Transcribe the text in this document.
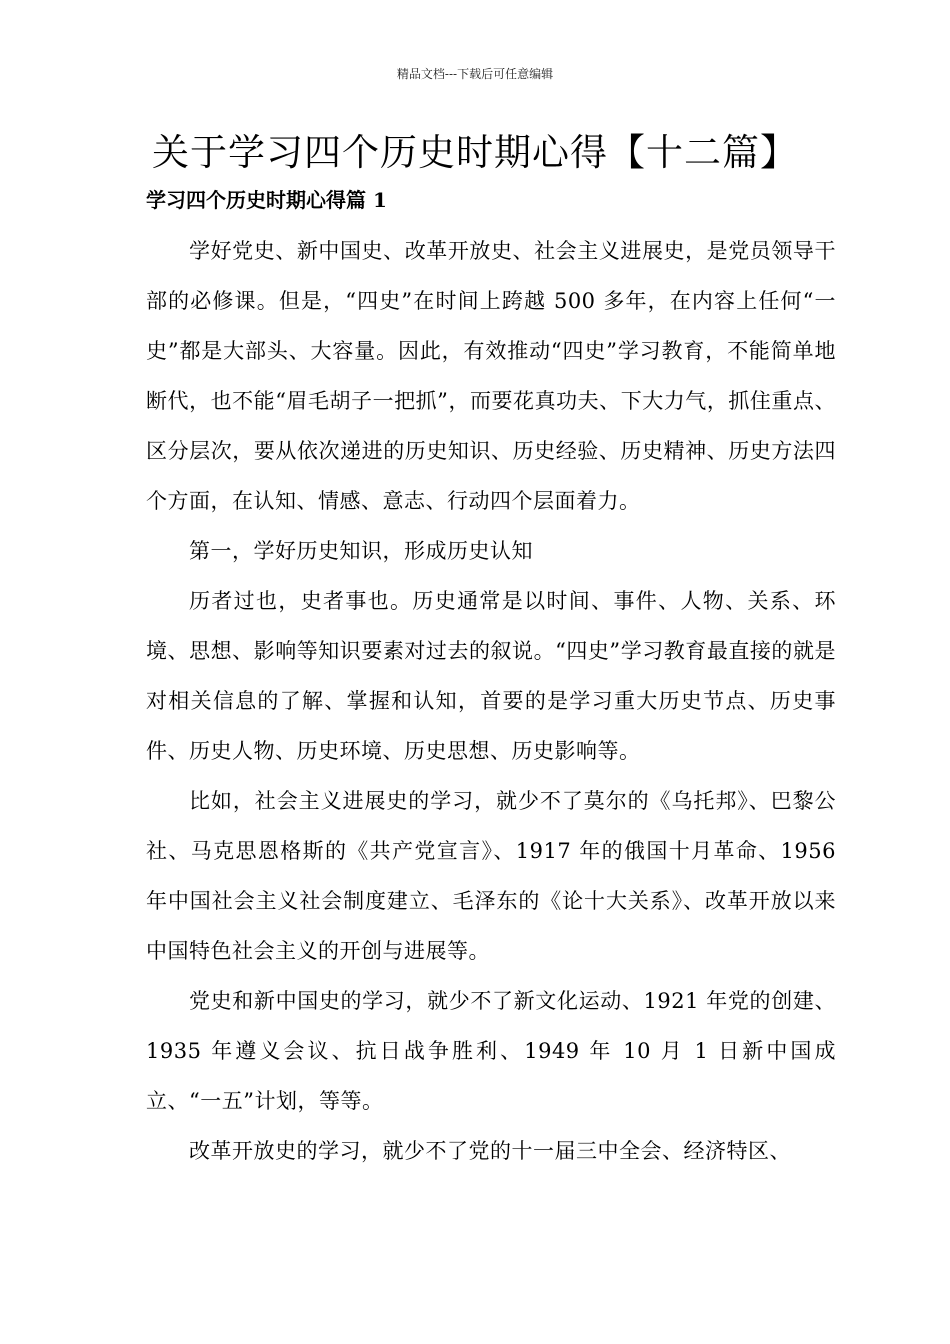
精品文档---下载后可任意编辑
关于学习四个历史时期心得【十二篇】
学习四个历史时期心得篇 1

学好党史、新中国史、改革开放史、社会主义进展史，是党员领导干部的必修课。但是，“四史”在时间上跨越 500 多年，在内容上任何“一史”都是大部头、大容量。因此，有效推动“四史”学习教育，不能简单地断代，也不能“眉毛胡子一把抓”，而要花真功夫、下大力气，抓住重点、区分层次，要从依次递进的历史知识、历史经验、历史精神、历史方法四个方面，在认知、情感、意志、行动四个层面着力。

第一，学好历史知识，形成历史认知

历者过也，史者事也。历史通常是以时间、事件、人物、关系、环境、思想、影响等知识要素对过去的叙说。“四史”学习教育最直接的就是对相关信息的了解、掌握和认知，首要的是学习重大历史节点、历史事件、历史人物、历史环境、历史思想、历史影响等。

比如，社会主义进展史的学习，就少不了莫尔的《乌托邦》、巴黎公社、马克思恩格斯的《共产党宣言》、1917 年的俄国十月革命、1956 年中国社会主义社会制度建立、毛泽东的《论十大关系》、改革开放以来中国特色社会主义的开创与进展等。

党史和新中国史的学习，就少不了新文化运动、1921 年党的创建、1935 年遵义会议、抗日战争胜利、1949 年 10 月 1 日新中国成立、“一五”计划，等等。

改革开放史的学习，就少不了党的十一届三中全会、经济特区、
